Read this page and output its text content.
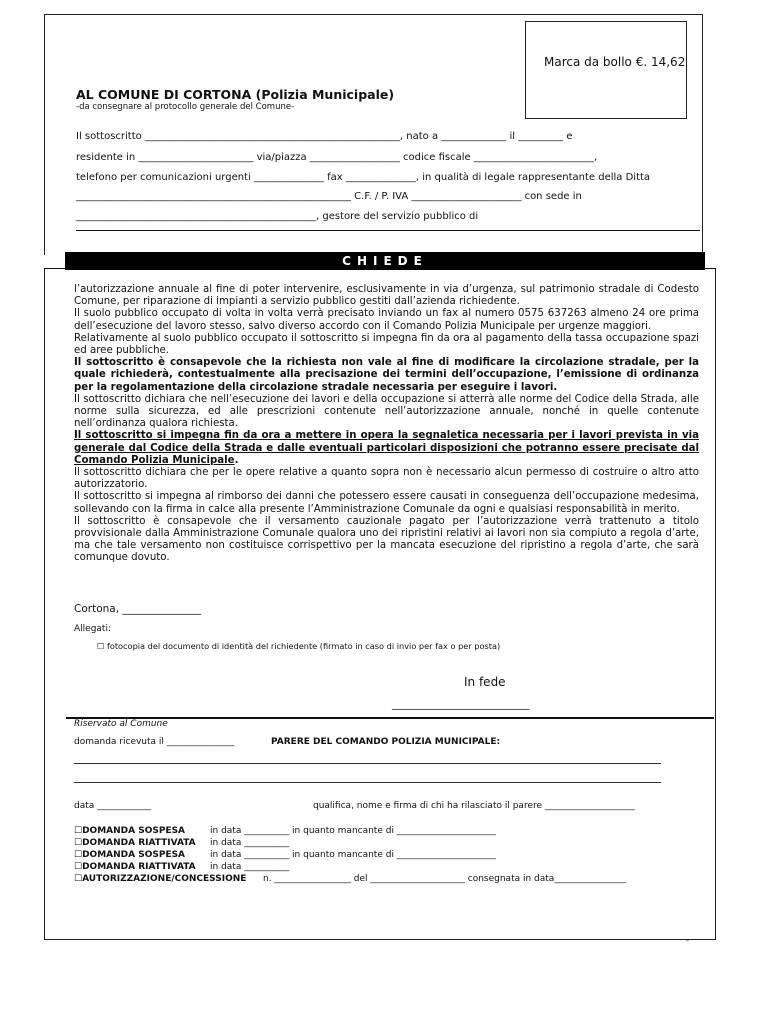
Marca da bollo €. 14,62
AL COMUNE DI CORTONA (Polizia Municipale)
-da consegnare al protocollo generale del Comune-
Il sottoscritto ___________________________________________________, nato a _____________ il _________ e
residente in _______________________ via/piazza __________________ codice fiscale ________________________,
telefono per comunicazioni urgenti ______________ fax ______________, in qualità di legale rappresentante della Ditta
_______________________________________________________ C.F. / P. IVA ______________________ con sede in
________________________________________________, gestore del servizio pubblico di
CHIEDE

l’autorizzazione annuale al fine di poter intervenire, esclusivamente in via d’urgenza, sul patrimonio stradale di Codesto Comune, per riparazione di impianti a servizio pubblico gestiti dall’azienda richiedente.

Il suolo pubblico occupato di volta in volta verrà precisato inviando un fax al numero 0575 637263 almeno 24 ore prima dell’esecuzione del lavoro stesso, salvo diverso accordo con il Comando Polizia Municipale per urgenze maggiori.

Relativamente al suolo pubblico occupato il sottoscritto si impegna fin da ora al pagamento della tassa occupazione spazi ed aree pubbliche.

Il sottoscritto è consapevole che la richiesta non vale al fine di modificare la circolazione stradale, per la quale richiederà, contestualmente alla precisazione dei termini dell’occupazione, l’emissione di ordinanza per la regolamentazione della circolazione stradale necessaria per eseguire i lavori.

Il sottoscritto dichiara che nell’esecuzione dei lavori e della occupazione si atterrà alle norme del Codice della Strada, alle norme sulla sicurezza, ed alle prescrizioni contenute nell’autorizzazione annuale, nonché in quelle contenute nell’ordinanza qualora richiesta.

Il sottoscritto si impegna fin da ora a mettere in opera la segnaletica necessaria per i lavori prevista in via generale dal Codice della Strada e dalle eventuali particolari disposizioni che potranno essere precisate dal Comando Polizia Municipale.

Il sottoscritto dichiara che per le opere relative a quanto sopra non è necessario alcun permesso di costruire o altro atto autorizzatorio.

Il sottoscritto si impegna al rimborso dei danni che potessero essere causati in conseguenza dell’occupazione medesima, sollevando con la firma in calce alla presente l’Amministrazione Comunale da ogni e qualsiasi responsabilità in merito.

Il sottoscritto è consapevole che il versamento cauzionale pagato per l’autorizzazione verrà trattenuto a titolo provvisionale dalla Amministrazione Comunale qualora uno dei ripristini relativi ai lavori non sia compiuto a regola d’arte, ma che tale versamento non costituisce corrispettivo per la mancata esecuzione del ripristino a regola d’arte, che sarà comunque dovuto.

Cortona, _______________
Allegati:
☐ fotocopia del documento di identità del richiedente (firmato in caso di invio per fax o per posta)
In fede
_________________________
Riservato al Comune
domanda ricevuta il _______________	PARERE DEL COMANDO POLIZIA MUNICIPALE:
data ____________	qualifica, nome e firma di chi ha rilasciato il parere ____________________
☐DOMANDA SOSPESA	in data __________ in quanto mancante di ______________________
☐DOMANDA RIATTIVATA in data __________
☐DOMANDA SOSPESA	in data __________ in quanto mancante di ______________________
☐DOMANDA RIATTIVATA in data __________
☐AUTORIZZAZIONE/CONCESSIONE n. _________________ del _____________________ consegnata in data________________
-
